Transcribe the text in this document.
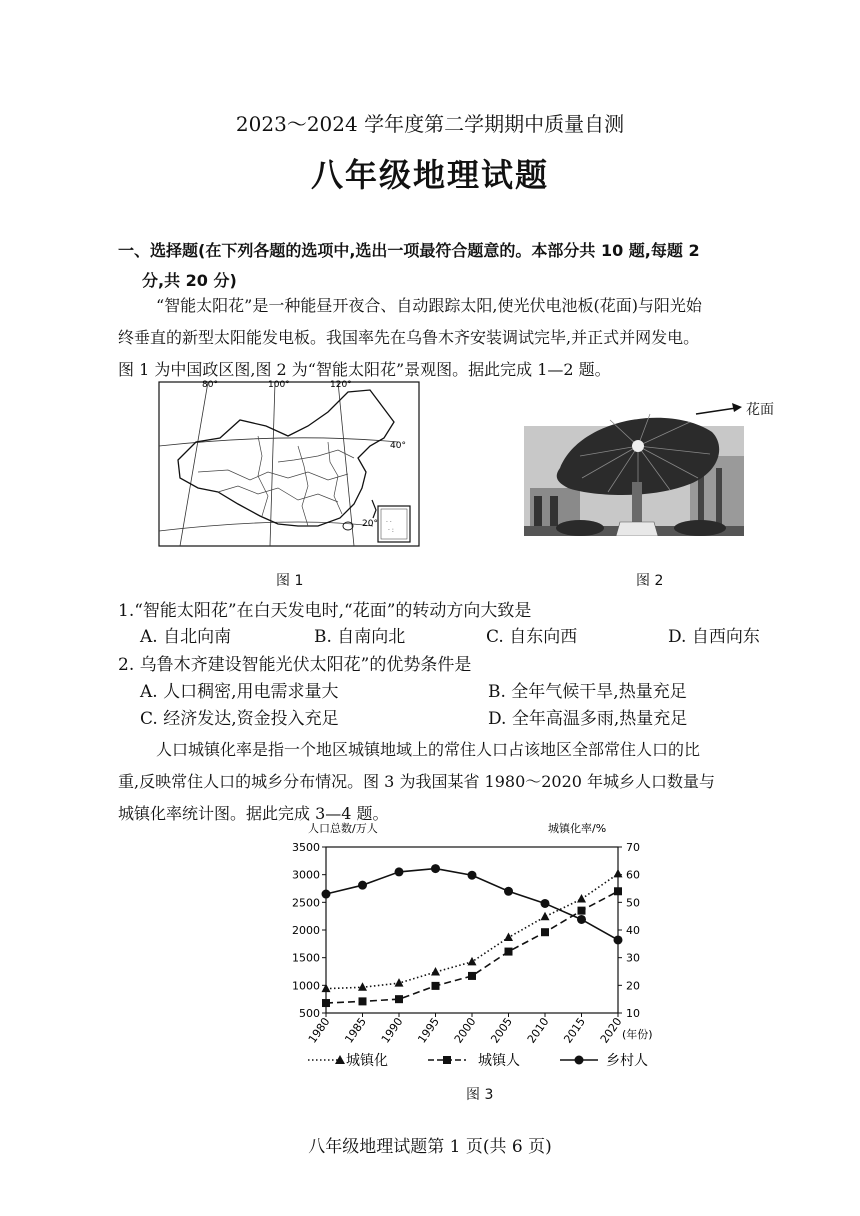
2023～2024 学年度第二学期期中质量自测
八年级地理试题
一、选择题(在下列各题的选项中,选出一项最符合题意的。本部分共 10 题,每题 2
分,共 20 分)

“智能太阳花”是一种能昼开夜合、自动跟踪太阳,使光伏电池板(花面)与阳光始

终垂直的新型太阳能发电板。我国率先在乌鲁木齐安装调试完毕,并正式并网发电。

图 1 为中国政区图,图 2 为“智能太阳花”景观图。据此完成 1—2 题。

· ·
· :
80°	100°	120°
40°
20°
图 1
花面
图 2
1.“智能太阳花”在白天发电时,“花面”的转动方向大致是
A. 自北向南	B. 自南向北	C. 自东向西	D. 自西向东
2. 乌鲁木齐建设智能光伏太阳花”的优势条件是
A. 人口稠密,用电需求量大	B. 全年气候干旱,热量充足
C. 经济发达,资金投入充足	D. 全年高温多雨,热量充足

人口城镇化率是指一个地区城镇地域上的常住人口占该地区全部常住人口的比

重,反映常住人口的城乡分布情况。图 3 为我国某省 1980～2020 年城乡人口数量与

城镇化率统计图。据此完成 3—4 题。

人口总数/万人	城镇化率/%
500
1000
1500
2000
2500
3000
3500
10
20
30
40
50
60
70
1980 1985 1990 1995 2000 2005 2010 2015 2020
(年份)
城镇化	城镇人	乡村人
图 3
八年级地理试题第 1 页(共 6 页)
